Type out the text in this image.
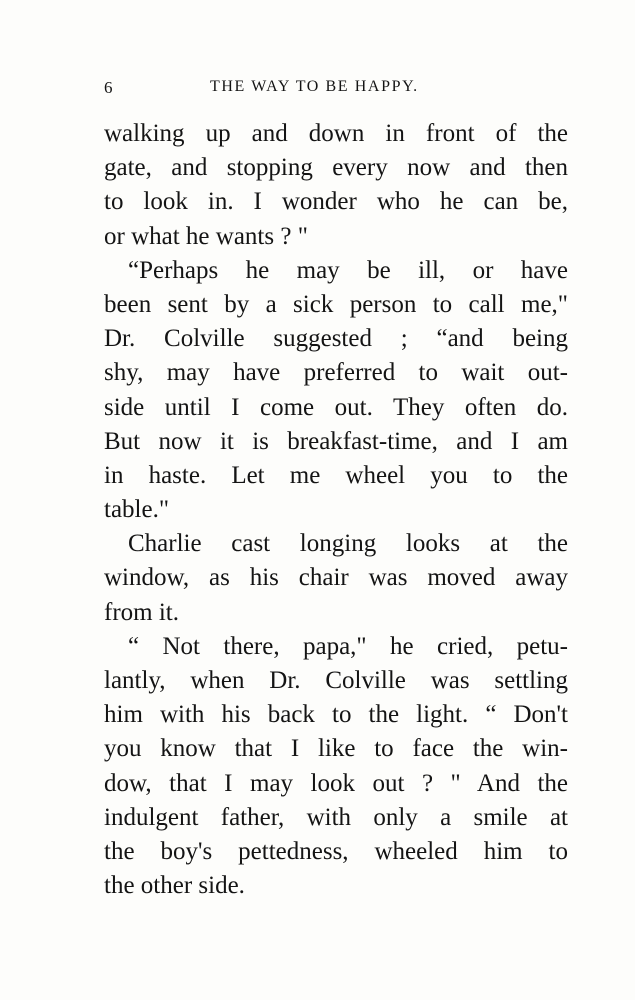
6	THE WAY TO BE HAPPY.
walking up and down in front of the
gate, and stopping every now and then
to look in. I wonder who he can be,
or what he wants ? "
“Perhaps he may be ill, or have
been sent by a sick person to call me,"
Dr. Colville suggested ; “and being
shy, may have preferred to wait out-
side until I come out. They often do.
But now it is breakfast-time, and I am
in haste. Let me wheel you to the
table."
Charlie cast longing looks at the
window, as his chair was moved away
from it.
“ Not there, papa," he cried, petu-
lantly, when Dr. Colville was settling
him with his back to the light. “ Don't
you know that I like to face the win-
dow, that I may look out ? " And the
indulgent father, with only a smile at
the boy's pettedness, wheeled him to
the other side.
